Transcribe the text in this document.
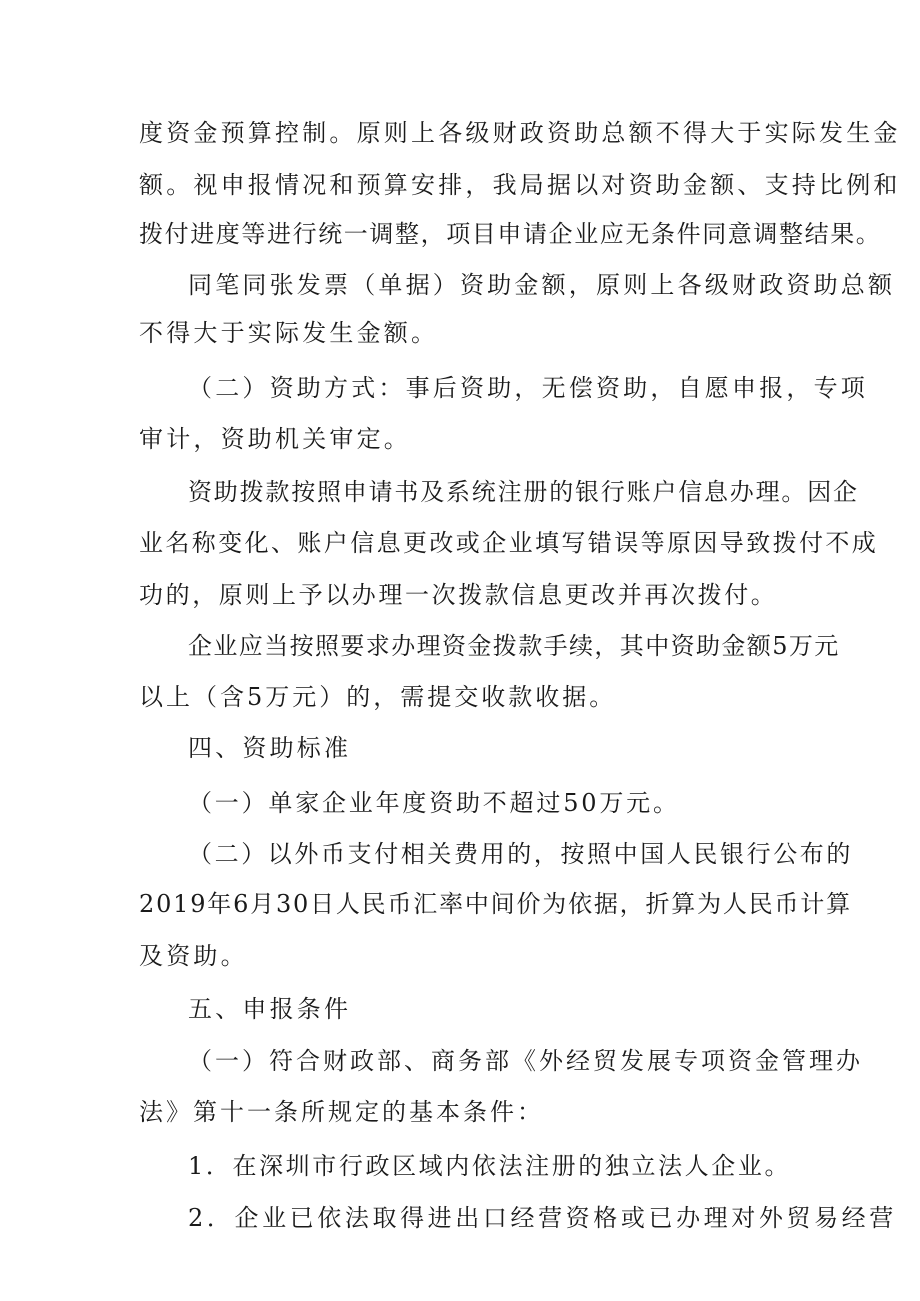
度资金预算控制。原则上各级财政资助总额不得大于实际发生金
额。视申报情况和预算安排，我局据以对资助金额、支持比例和
拨付进度等进行统一调整，项目申请企业应无条件同意调整结果。
同笔同张发票（单据）资助金额，原则上各级财政资助总额
不得大于实际发生金额。
（二）资助方式：事后资助，无偿资助，自愿申报，专项
审计，资助机关审定。
资助拨款按照申请书及系统注册的银行账户信息办理。因企
业名称变化、账户信息更改或企业填写错误等原因导致拨付不成
功的，原则上予以办理一次拨款信息更改并再次拨付。
企业应当按照要求办理资金拨款手续，其中资助金额5万元
以上（含5万元）的，需提交收款收据。
四、资助标准
（一）单家企业年度资助不超过50万元。
（二）以外币支付相关费用的，按照中国人民银行公布的
2019年6月30日人民币汇率中间价为依据，折算为人民币计算
及资助。
五、申报条件
（一）符合财政部、商务部《外经贸发展专项资金管理办
法》第十一条所规定的基本条件：
1．在深圳市行政区域内依法注册的独立法人企业。
2．企业已依法取得进出口经营资格或已办理对外贸易经营
